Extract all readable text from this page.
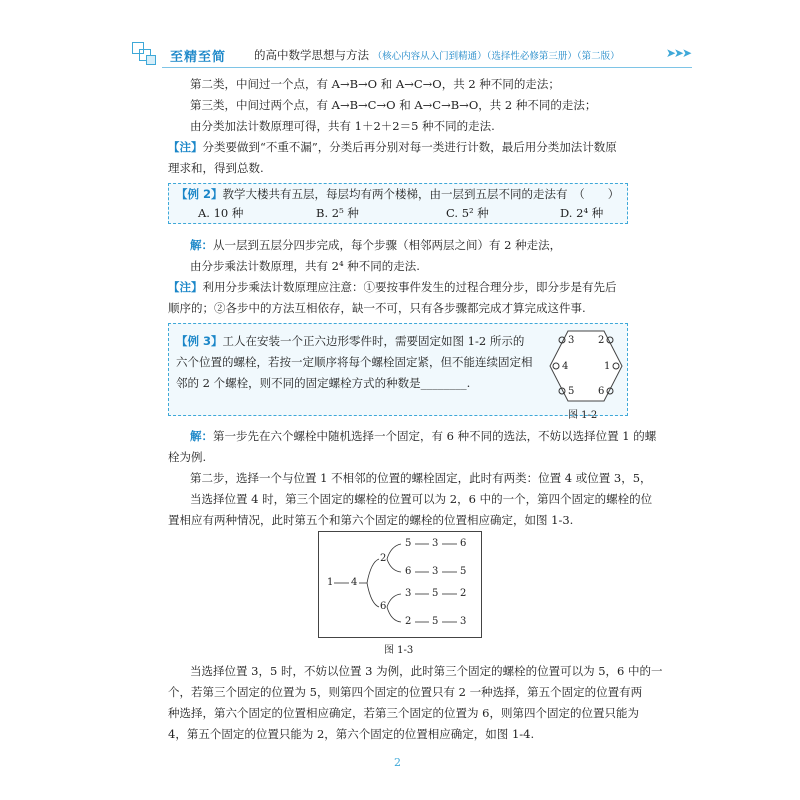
至精至简 的高中数学思想与方法 （核心内容从入门到精通）（选择性必修第三册）（第二版）	➤➤➤
第二类，中间过一个点，有 A→B→O 和 A→C→O，共 2 种不同的走法；
第三类，中间过两个点，有 A→B→C→O 和 A→C→B→O，共 2 种不同的走法；
由分类加法计数原理可得，共有 1＋2＋2＝5 种不同的走法.
【注】分类要做到“不重不漏”，分类后再分别对每一类进行计数，最后用分类加法计数原
理求和，得到总数.
【例 2】教学大楼共有五层，每层均有两个楼梯，由一层到五层不同的走法有　（　　）
A. 10 种	B. 2⁵ 种	C. 5² 种	D. 2⁴ 种
解：从一层到五层分四步完成，每个步骤（相邻两层之间）有 2 种走法，
由分步乘法计数原理，共有 2⁴ 种不同的走法.
【注】利用分步乘法计数原理应注意：①要按事件发生的过程合理分步，即分步是有先后
顺序的；②各步中的方法互相依存，缺一不可，只有各步骤都完成才算完成这件事.
【例 3】工人在安装一个正六边形零件时，需要固定如图 1-2 所示的
六个位置的螺栓，若按一定顺序将每个螺栓固定紧，但不能连续固定相
邻的 2 个螺栓，则不同的固定螺栓方式的种数是________.
3 2
4	1
5 6
图 1-2
解：第一步先在六个螺栓中随机选择一个固定，有 6 种不同的选法，不妨以选择位置 1 的螺
栓为例.
第二步，选择一个与位置 1 不相邻的位置的螺栓固定，此时有两类：位置 4 或位置 3，5，
当选择位置 4 时，第三个固定的螺栓的位置可以为 2，6 中的一个，第四个固定的螺栓的位
置相应有两种情况，此时第五个和第六个固定的螺栓的位置相应确定，如图 1-3.
1 4
2
6
5 3 6
6 3 5
3 5 2
2 5 3
图 1-3
当选择位置 3，5 时，不妨以位置 3 为例，此时第三个固定的螺栓的位置可以为 5，6 中的一
个，若第三个固定的位置为 5，则第四个固定的位置只有 2 一种选择，第五个固定的位置有两
种选择，第六个固定的位置相应确定，若第三个固定的位置为 6，则第四个固定的位置只能为
4，第五个固定的位置只能为 2，第六个固定的位置相应确定，如图 1-4.
2
